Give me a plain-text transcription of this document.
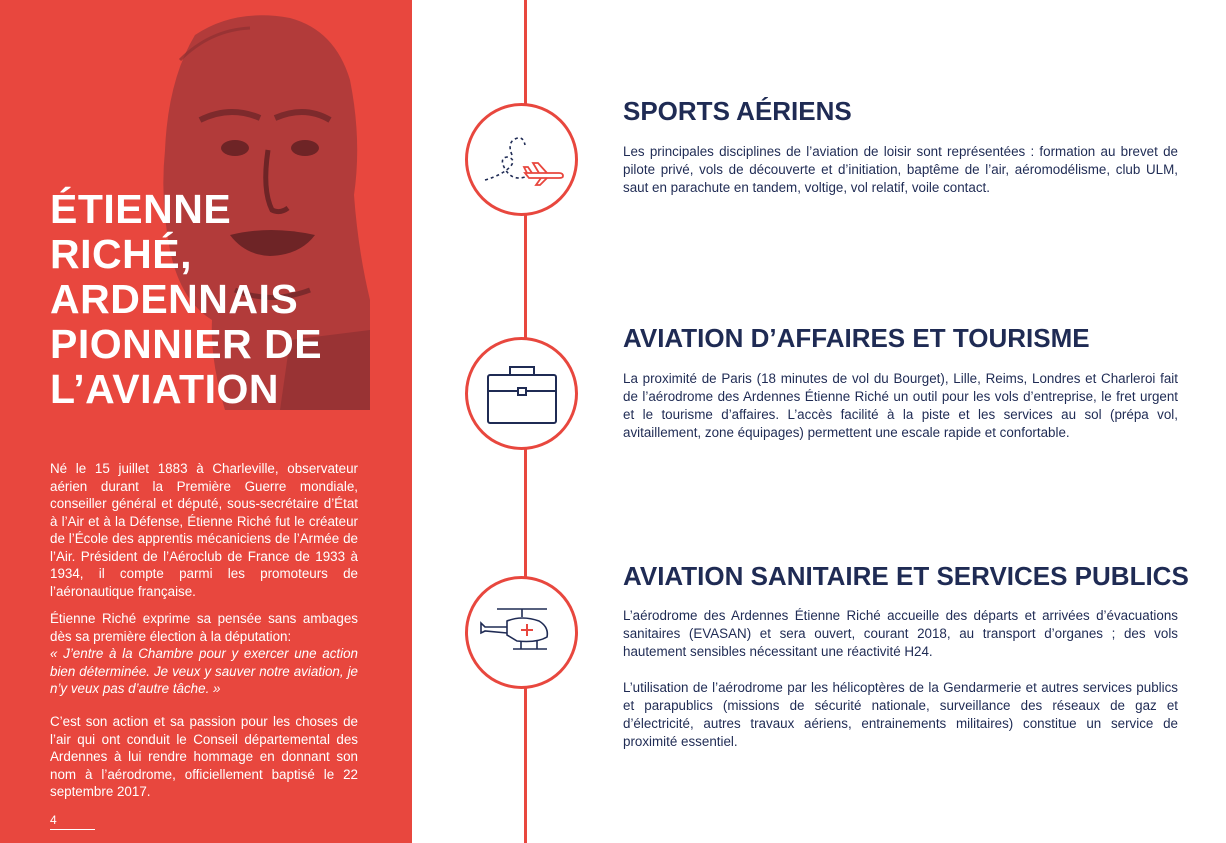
ÉTIENNE
RICHÉ,
ARDENNAIS
PIONNIER DE
L’AVIATION

Né le 15 juillet 1883 à Charleville, observateur aérien durant la Première Guerre mondiale, conseiller général et député, sous-secrétaire d’État à l’Air et à la Défense, Étienne Riché fut le créateur de l’École des apprentis mécaniciens de l’Armée de l’Air. Président de l’Aéroclub de France de 1933 à 1934, il compte parmi les promoteurs de l’aéronautique française.

Étienne Riché exprime sa pensée sans ambages dès sa première élection à la députation:
« J’entre à la Chambre pour y exercer une action bien déterminée. Je veux y sauver notre aviation, je n’y veux pas d’autre tâche. »

C’est son action et sa passion pour les choses de l’air qui ont conduit le Conseil départemental des Ardennes à lui rendre hommage en donnant son nom à l’aérodrome, officiellement baptisé le 22 septembre 2017.

4
SPORTS AÉRIENS

Les principales disciplines de l’aviation de loisir sont représentées : formation au brevet de pilote privé, vols de découverte et d’initiation, baptême de l’air, aéromodélisme, club ULM, saut en parachute en tandem, voltige, vol relatif, voile contact.

AVIATION D’AFFAIRES ET TOURISME

La proximité de Paris (18 minutes de vol du Bourget), Lille, Reims, Londres et Charleroi fait de l’aérodrome des Ardennes Étienne Riché un outil pour les vols d’entreprise, le fret urgent et le tourisme d’affaires. L’accès facilité à la piste et les services au sol (prépa vol, avitaillement, zone équipages) permettent une escale rapide et confortable.

AVIATION SANITAIRE ET SERVICES PUBLICS

L’aérodrome des Ardennes Étienne Riché accueille des départs et arrivées d’évacuations sanitaires (EVASAN) et sera ouvert, courant 2018, au transport d’organes ; des vols hautement sensibles nécessitant une réactivité H24.

L’utilisation de l’aérodrome par les hélicoptères de la Gendarmerie et autres services publics et parapublics (missions de sécurité nationale, surveillance des réseaux de gaz et d’électricité, autres travaux aériens, entrainements militaires) constitue un service de proximité essentiel.
